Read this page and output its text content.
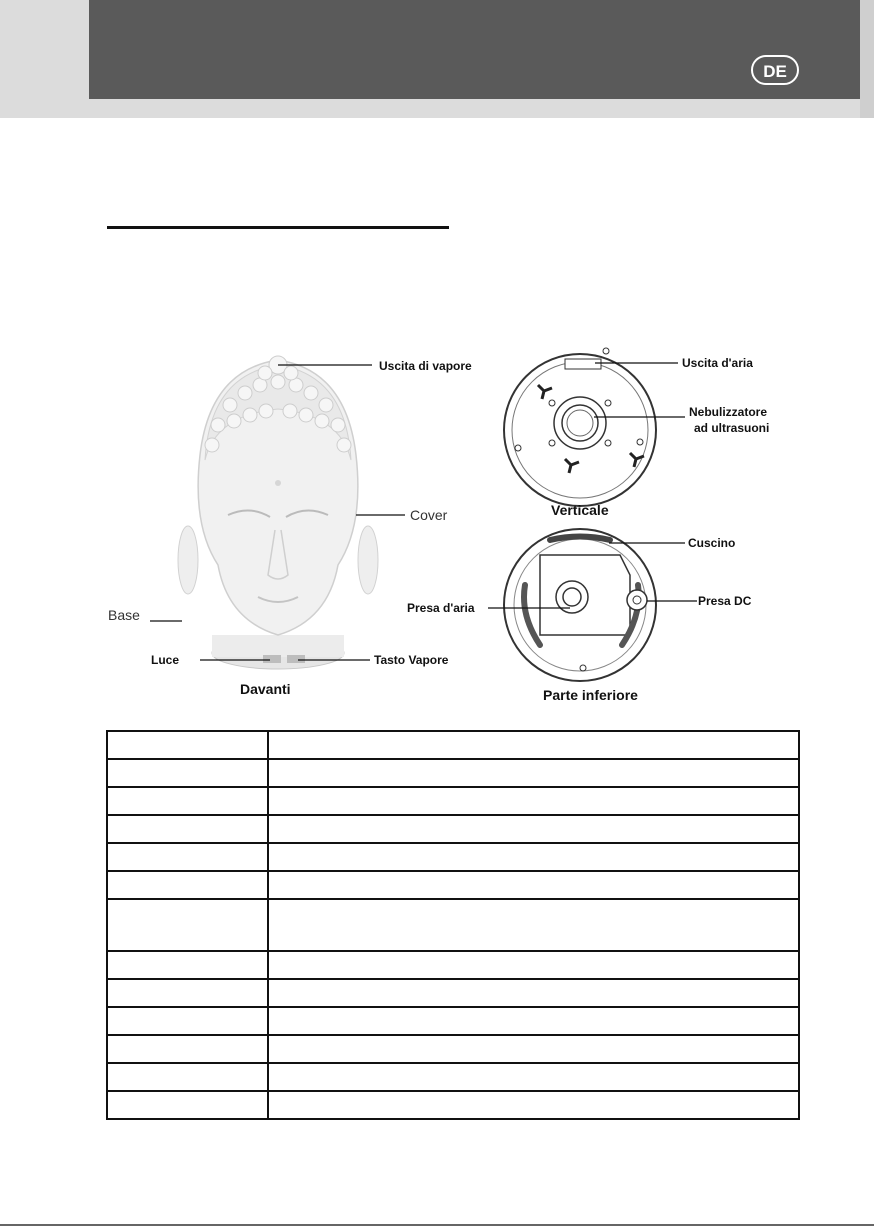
DE
Uscita di vapore
Cover
Base
Luce	Tasto Vapore
Davanti
Uscita d'aria
Nebulizzatore
ad ultrasuoni
Verticale
Cuscino
Presa d'aria	Presa DC
Parte inferiore
